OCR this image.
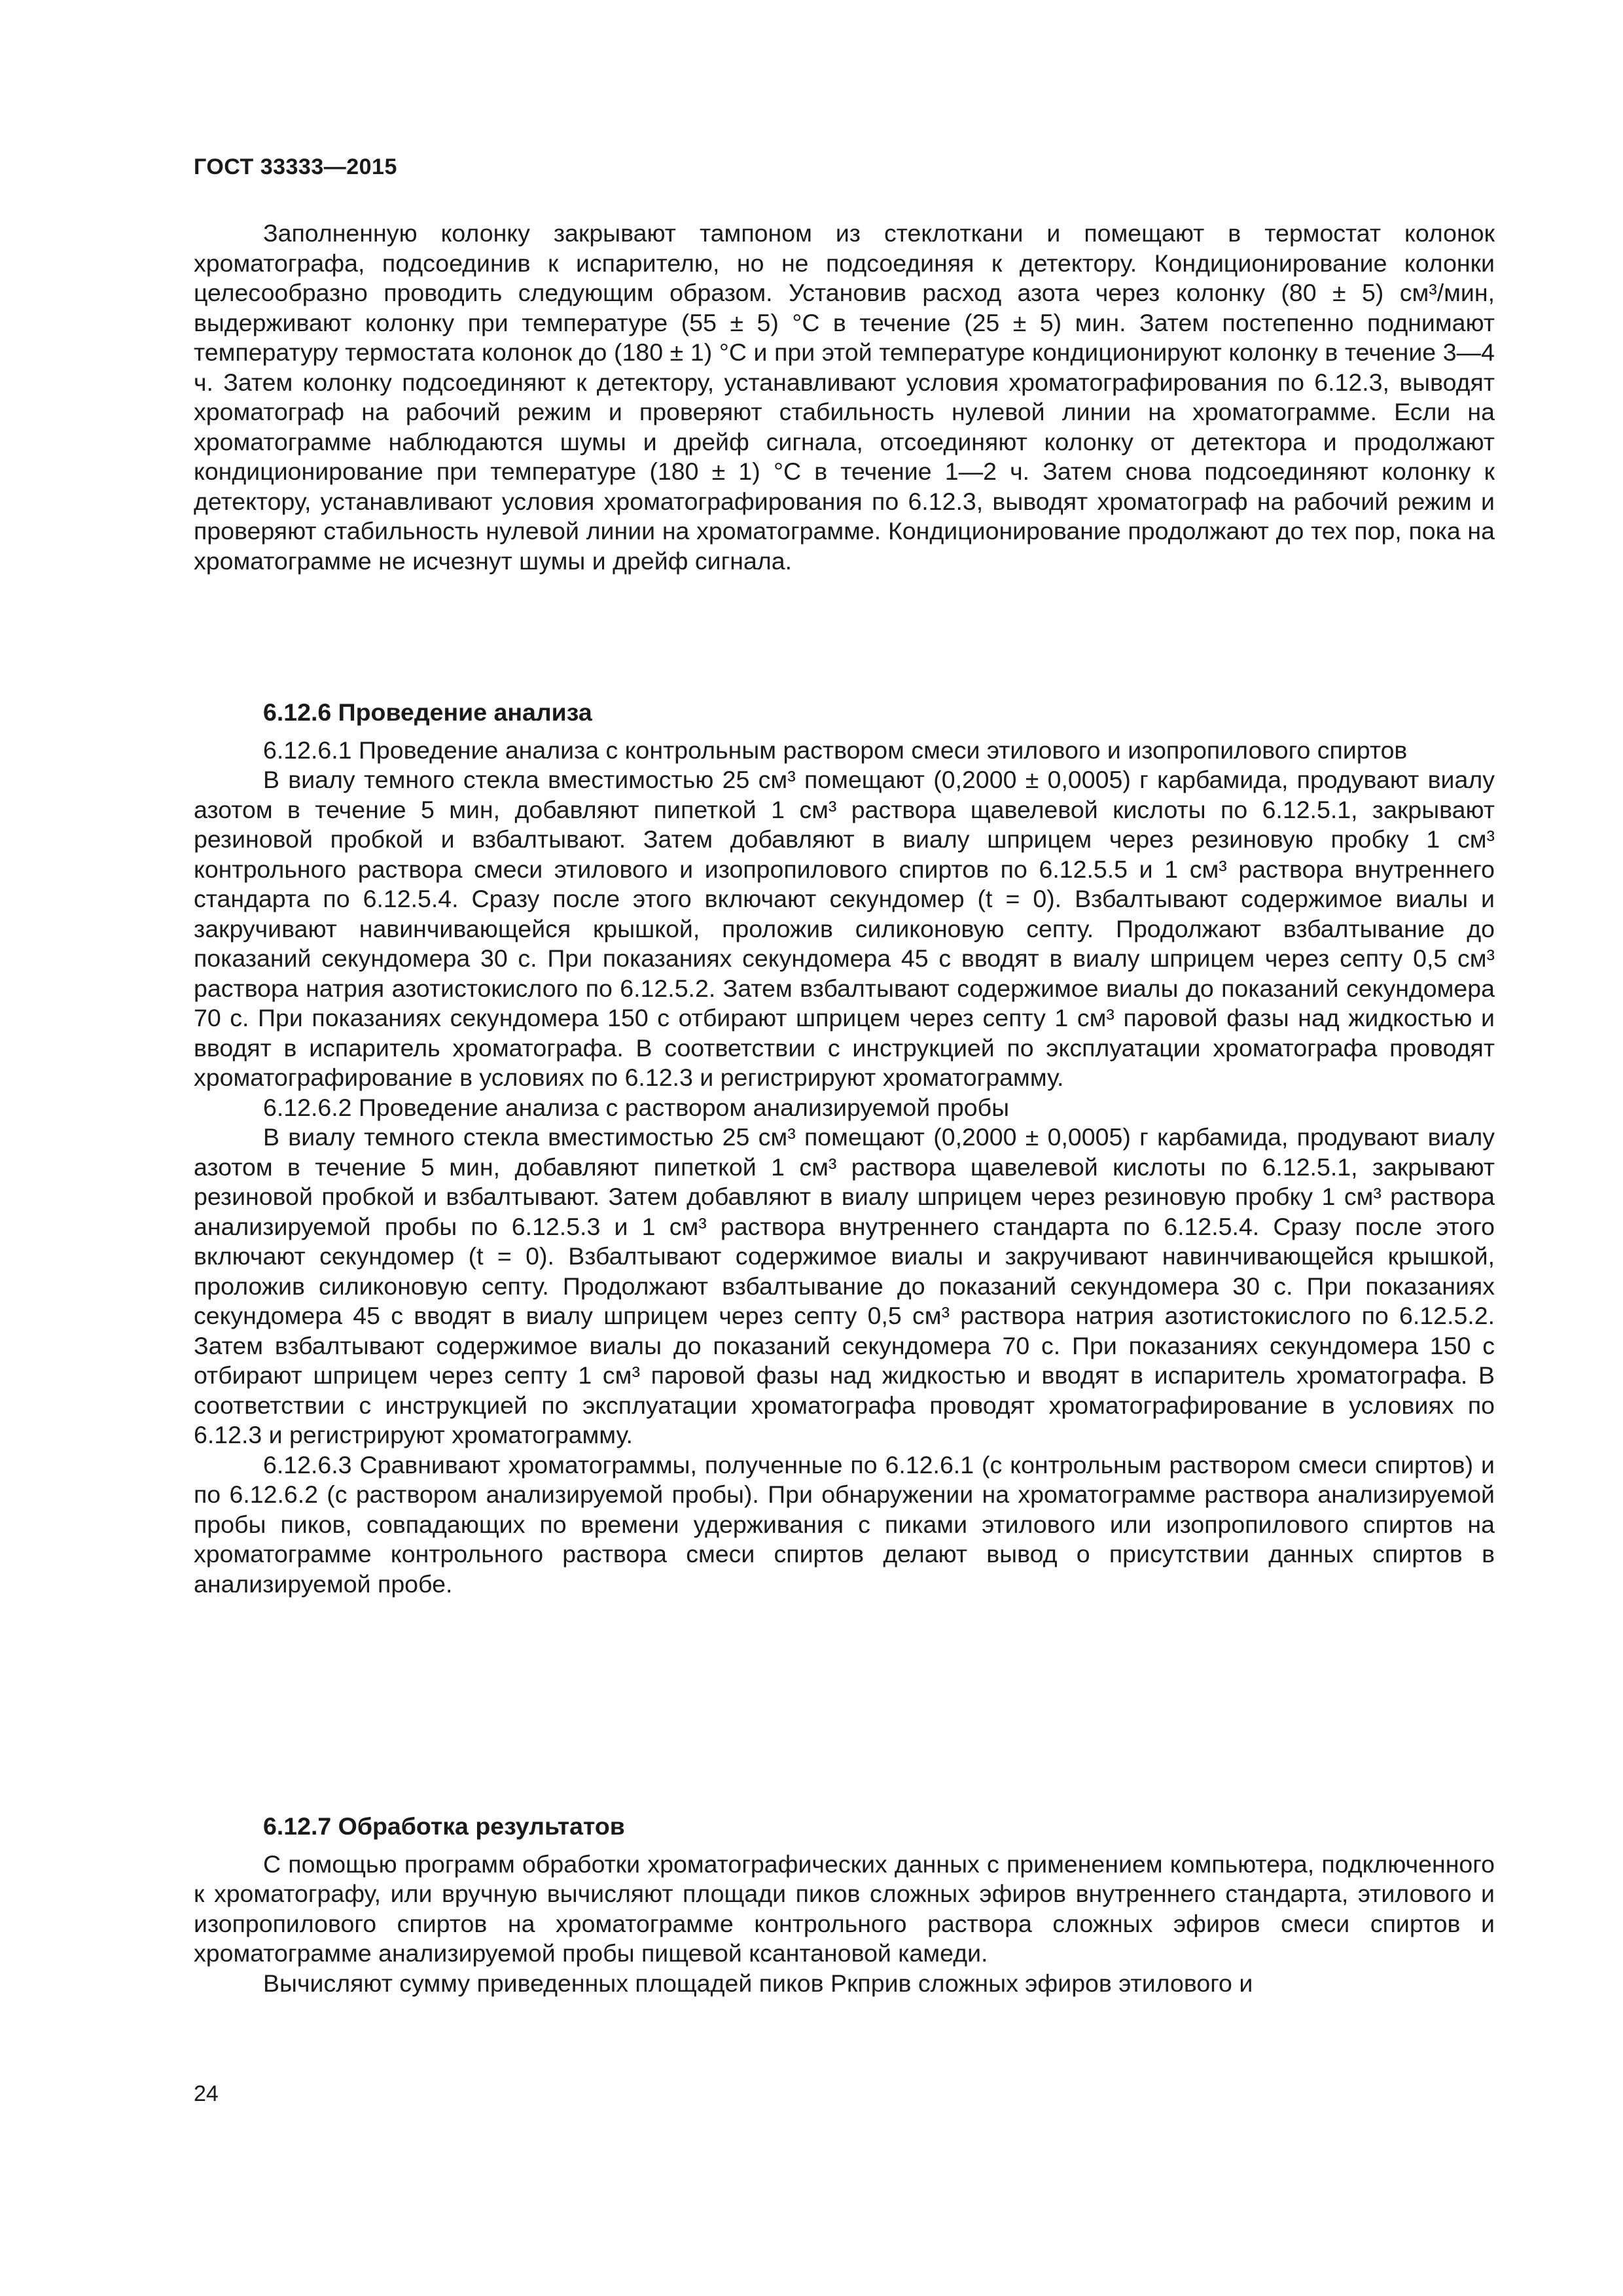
ГОСТ 33333—2015

Заполненную колонку закрывают тампоном из стеклоткани и помещают в термостат колонок хроматографа, подсоединив к испарителю, но не подсоединяя к детектору. Кондиционирование колонки целесообразно проводить следующим образом. Установив расход азота через колонку (80 ± 5) см³/мин, выдерживают колонку при температуре (55 ± 5) °С в течение (25 ± 5) мин. Затем постепенно поднимают температуру термостата колонок до (180 ± 1) °С и при этой температуре кондиционируют колонку в течение 3—4 ч. Затем колонку подсоединяют к детектору, устанавливают условия хроматографирования по 6.12.3, выводят хроматограф на рабочий режим и проверяют стабильность нулевой линии на хроматограмме. Если на хроматограмме наблюдаются шумы и дрейф сигнала, отсоединяют колонку от детектора и продолжают кондиционирование при температуре (180 ± 1) °С в течение 1—2 ч. Затем снова подсоединяют колонку к детектору, устанавливают условия хроматографирования по 6.12.3, выводят хроматограф на рабочий режим и проверяют стабильность нулевой линии на хроматограмме. Кондиционирование продолжают до тех пор, пока на хроматограмме не исчезнут шумы и дрейф сигнала.

6.12.6 Проведение анализа

6.12.6.1 Проведение анализа с контрольным раствором смеси этилового и изопропилового спиртов

В виалу темного стекла вместимостью 25 см³ помещают (0,2000 ± 0,0005) г карбамида, продувают виалу азотом в течение 5 мин, добавляют пипеткой 1 см³ раствора щавелевой кислоты по 6.12.5.1, закрывают резиновой пробкой и взбалтывают. Затем добавляют в виалу шприцем через резиновую пробку 1 см³ контрольного раствора смеси этилового и изопропилового спиртов по 6.12.5.5 и 1 см³ раствора внутреннего стандарта по 6.12.5.4. Сразу после этого включают секундомер (t = 0). Взбалтывают содержимое виалы и закручивают навинчивающейся крышкой, проложив силиконовую септу. Продолжают взбалтывание до показаний секундомера 30 с. При показаниях секундомера 45 с вводят в виалу шприцем через септу 0,5 см³ раствора натрия азотистокислого по 6.12.5.2. Затем взбалтывают содержимое виалы до показаний секундомера 70 с. При показаниях секундомера 150 с отбирают шприцем через септу 1 см³ паровой фазы над жидкостью и вводят в испаритель хроматографа. В соответствии с инструкцией по эксплуатации хроматографа проводят хроматографирование в условиях по 6.12.3 и регистрируют хроматограмму.

6.12.6.2 Проведение анализа с раствором анализируемой пробы

В виалу темного стекла вместимостью 25 см³ помещают (0,2000 ± 0,0005) г карбамида, продувают виалу азотом в течение 5 мин, добавляют пипеткой 1 см³ раствора щавелевой кислоты по 6.12.5.1, закрывают резиновой пробкой и взбалтывают. Затем добавляют в виалу шприцем через резиновую пробку 1 см³ раствора анализируемой пробы по 6.12.5.3 и 1 см³ раствора внутреннего стандарта по 6.12.5.4. Сразу после этого включают секундомер (t = 0). Взбалтывают содержимое виалы и закручивают навинчивающейся крышкой, проложив силиконовую септу. Продолжают взбалтывание до показаний секундомера 30 с. При показаниях секундомера 45 с вводят в виалу шприцем через септу 0,5 см³ раствора натрия азотистокислого по 6.12.5.2. Затем взбалтывают содержимое виалы до показаний секундомера 70 с. При показаниях секундомера 150 с отбирают шприцем через септу 1 см³ паровой фазы над жидкостью и вводят в испаритель хроматографа. В соответствии с инструкцией по эксплуатации хроматографа проводят хроматографирование в условиях по 6.12.3 и регистрируют хроматограмму.

6.12.6.3 Сравнивают хроматограммы, полученные по 6.12.6.1 (с контрольным раствором смеси спиртов) и по 6.12.6.2 (с раствором анализируемой пробы). При обнаружении на хроматограмме раствора анализируемой пробы пиков, совпадающих по времени удерживания с пиками этилового или изопропилового спиртов на хроматограмме контрольного раствора смеси спиртов делают вывод о присутствии данных спиртов в анализируемой пробе.

6.12.7 Обработка результатов

С помощью программ обработки хроматографических данных с применением компьютера, подключенного к хроматографу, или вручную вычисляют площади пиков сложных эфиров внутреннего стандарта, этилового и изопропилового спиртов на хроматограмме контрольного раствора сложных эфиров смеси спиртов и хроматограмме анализируемой пробы пищевой ксантановой камеди.

Вычисляют сумму приведенных площадей пиков Pкприв сложных эфиров этилового и

24
